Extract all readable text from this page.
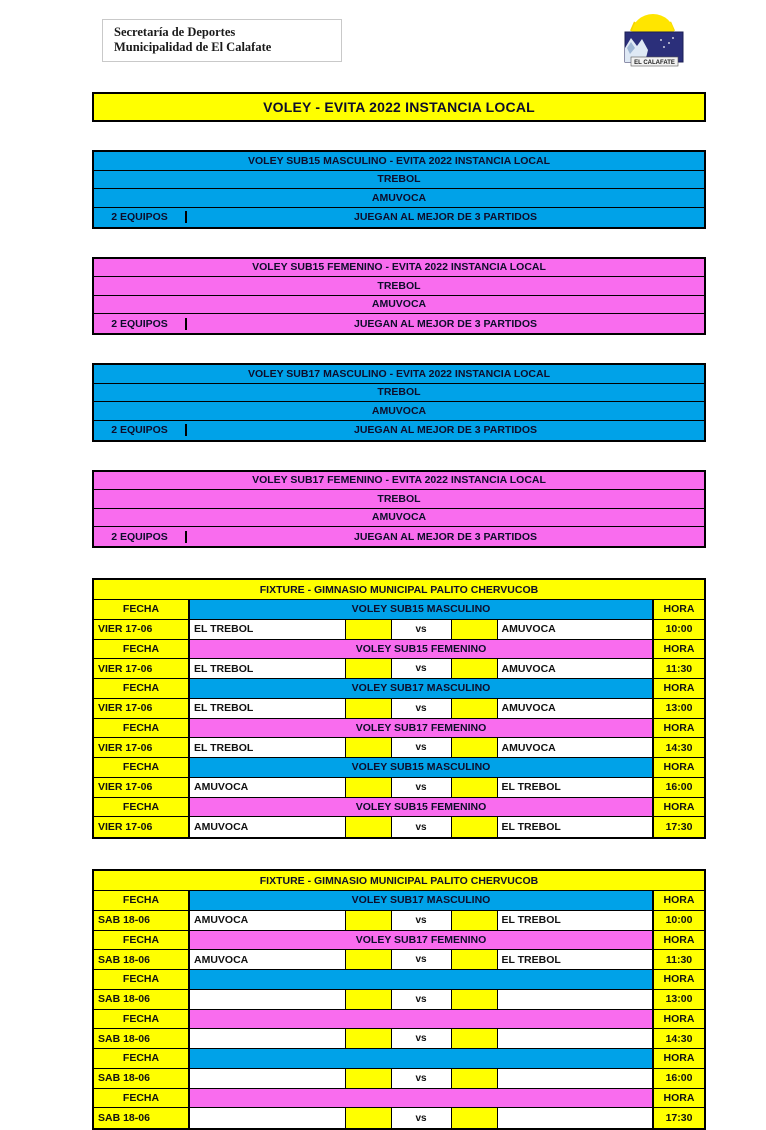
Secretaría de Deportes
Municipalidad de El Calafate
EL CALAFATE
VOLEY - EVITA 2022 INSTANCIA LOCAL
VOLEY SUB15 MASCULINO - EVITA 2022 INSTANCIA LOCAL
TREBOL
AMUVOCA
2 EQUIPOS	JUEGAN AL MEJOR DE 3 PARTIDOS
VOLEY SUB15 FEMENINO - EVITA 2022 INSTANCIA LOCAL
TREBOL
AMUVOCA
2 EQUIPOS	JUEGAN AL MEJOR DE 3 PARTIDOS
VOLEY SUB17 MASCULINO - EVITA 2022 INSTANCIA LOCAL
TREBOL
AMUVOCA
2 EQUIPOS	JUEGAN AL MEJOR DE 3 PARTIDOS
VOLEY SUB17 FEMENINO - EVITA 2022 INSTANCIA LOCAL
TREBOL
AMUVOCA
2 EQUIPOS	JUEGAN AL MEJOR DE 3 PARTIDOS
FIXTURE - GIMNASIO MUNICIPAL PALITO CHERVUCOB
FECHA	VOLEY SUB15 MASCULINO	HORA
VIER 17-06	EL TREBOL	vs	AMUVOCA	10:00
FECHA	VOLEY SUB15 FEMENINO	HORA
VIER 17-06	EL TREBOL	vs	AMUVOCA	11:30
FECHA	VOLEY SUB17 MASCULINO	HORA
VIER 17-06	EL TREBOL	vs	AMUVOCA	13:00
FECHA	VOLEY SUB17 FEMENINO	HORA
VIER 17-06	EL TREBOL	vs	AMUVOCA	14:30
FECHA	VOLEY SUB15 MASCULINO	HORA
VIER 17-06	AMUVOCA	vs	EL TREBOL	16:00
FECHA	VOLEY SUB15 FEMENINO	HORA
VIER 17-06	AMUVOCA	vs	EL TREBOL	17:30
FIXTURE - GIMNASIO MUNICIPAL PALITO CHERVUCOB
FECHA	VOLEY SUB17 MASCULINO	HORA
SAB 18-06	AMUVOCA	vs	EL TREBOL	10:00
FECHA	VOLEY SUB17 FEMENINO	HORA
SAB 18-06	AMUVOCA	vs	EL TREBOL	11:30
FECHA	HORA
SAB 18-06	vs	13:00
FECHA	HORA
SAB 18-06	vs	14:30
FECHA	HORA
SAB 18-06	vs	16:00
FECHA	HORA
SAB 18-06	vs	17:30
